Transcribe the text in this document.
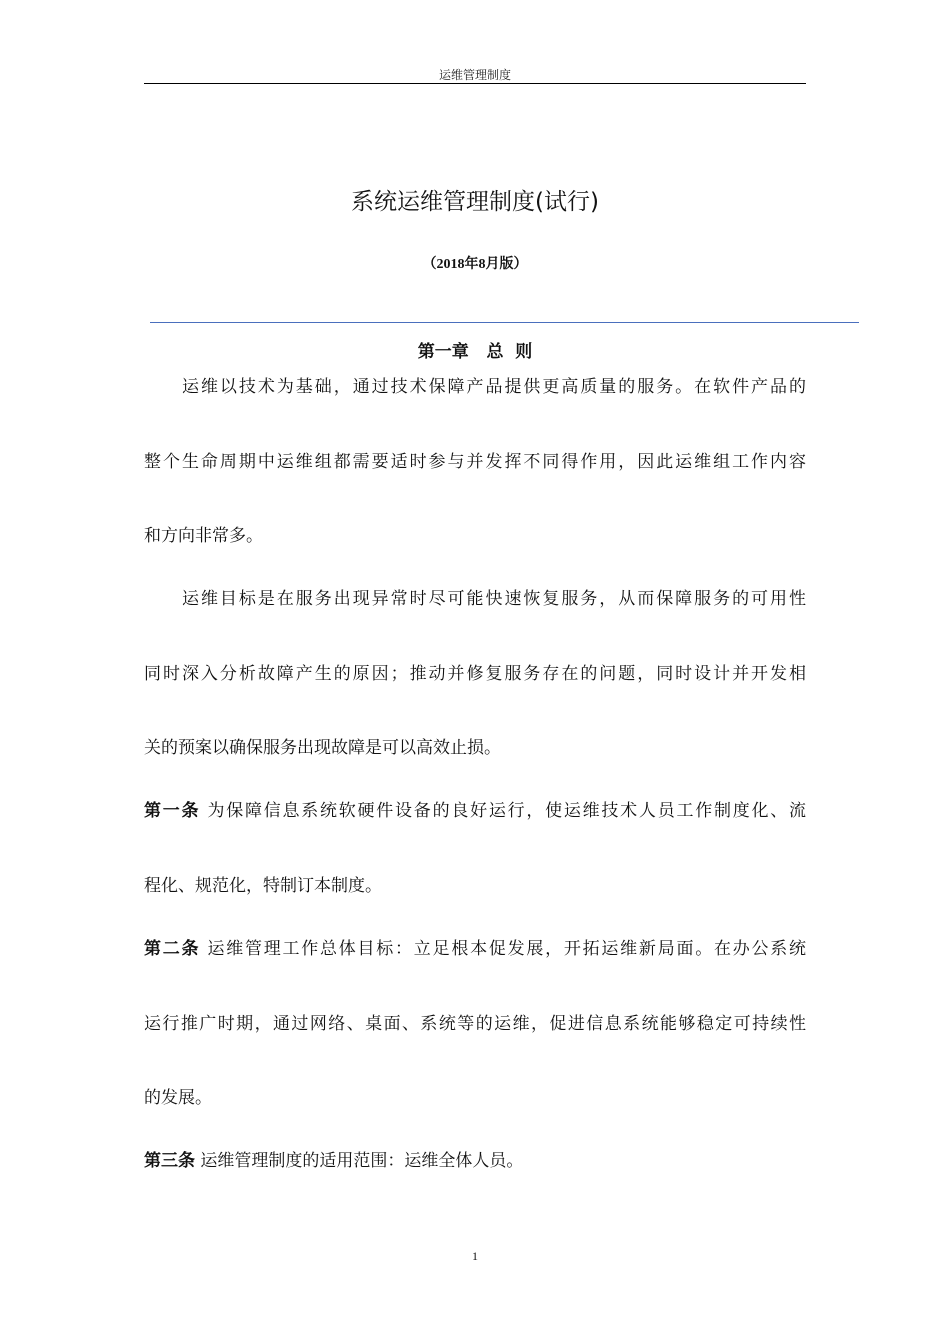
运维管理制度
系统运维管理制度(试行)
（2018年8月版）
第一章   总  则
运维以技术为基础，通过技术保障产品提供更高质量的服务。在软件产品的
整个生命周期中运维组都需要适时参与并发挥不同得作用，因此运维组工作内容
和方向非常多。
运维目标是在服务出现异常时尽可能快速恢复服务，从而保障服务的可用性
同时深入分析故障产生的原因；推动并修复服务存在的问题，同时设计并开发相
关的预案以确保服务出现故障是可以高效止损。
第一条 为保障信息系统软硬件设备的良好运行，使运维技术人员工作制度化、流
程化、规范化，特制订本制度。
第二条 运维管理工作总体目标：立足根本促发展，开拓运维新局面。在办公系统
运行推广时期，通过网络、桌面、系统等的运维，促进信息系统能够稳定可持续性
的发展。
第三条 运维管理制度的适用范围：运维全体人员。
1
